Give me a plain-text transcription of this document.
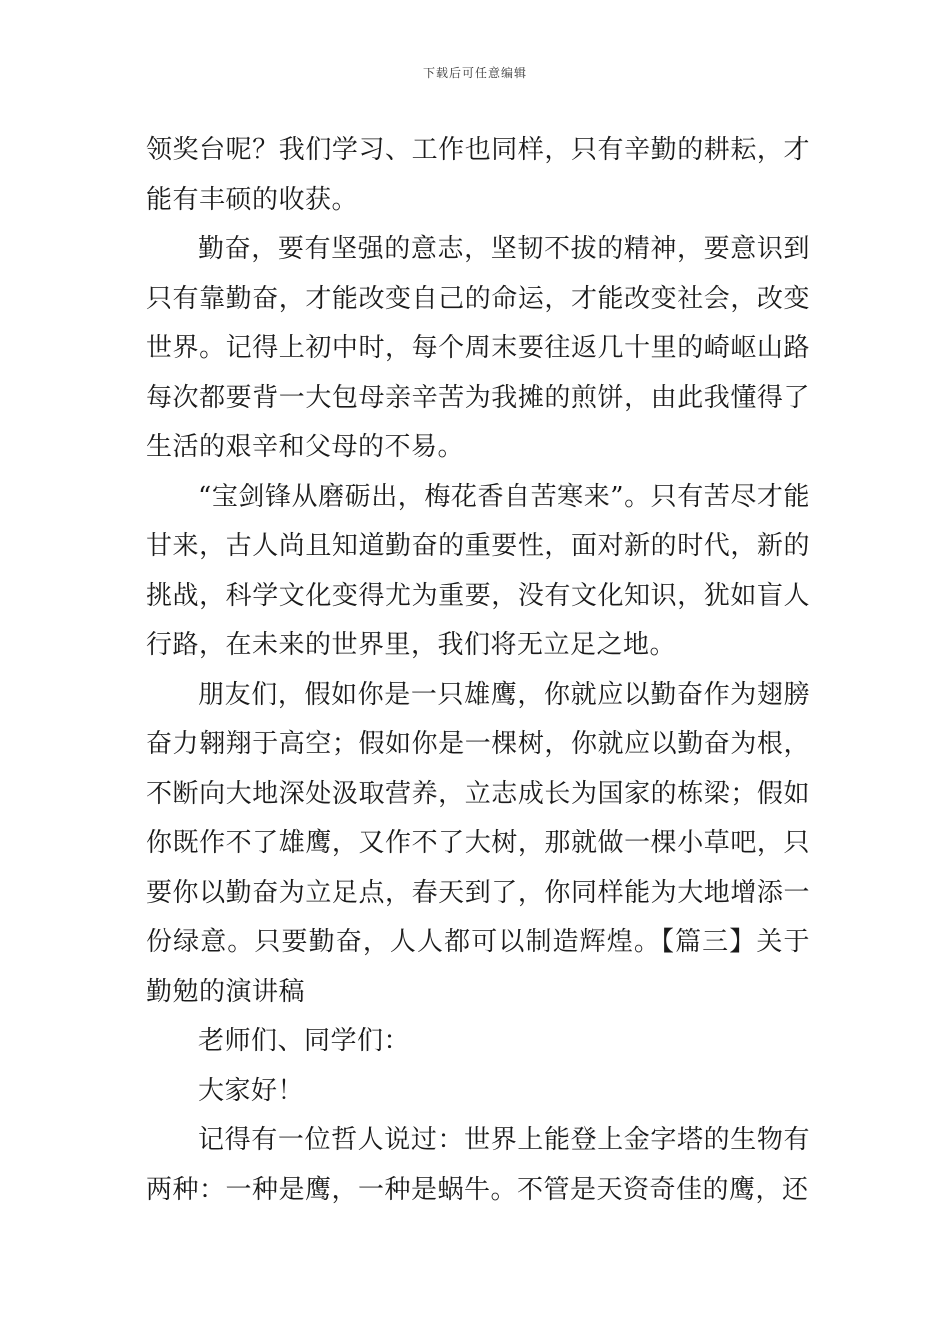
下载后可任意编辑

领奖台呢？我们学习、工作也同样，只有辛勤的耕耘，才能有丰硕的收获。

勤奋，要有坚强的意志，坚韧不拔的精神，要意识到只有靠勤奋，才能改变自己的命运，才能改变社会，改变世界。记得上初中时，每个周末要往返几十里的崎岖山路每次都要背一大包母亲辛苦为我摊的煎饼，由此我懂得了生活的艰辛和父母的不易。

“宝剑锋从磨砺出，梅花香自苦寒来”。只有苦尽才能甘来，古人尚且知道勤奋的重要性，面对新的时代，新的挑战，科学文化变得尤为重要，没有文化知识，犹如盲人行路，在未来的世界里，我们将无立足之地。

朋友们，假如你是一只雄鹰，你就应以勤奋作为翅膀奋力翱翔于高空；假如你是一棵树，你就应以勤奋为根，不断向大地深处汲取营养，立志成长为国家的栋梁；假如你既作不了雄鹰，又作不了大树，那就做一棵小草吧，只要你以勤奋为立足点，春天到了，你同样能为大地增添一份绿意。只要勤奋，人人都可以制造辉煌。【篇三】关于勤勉的演讲稿

老师们、同学们：

大家好！

记得有一位哲人说过：世界上能登上金字塔的生物有两种：一种是鹰，一种是蜗牛。不管是天资奇佳的鹰，还
